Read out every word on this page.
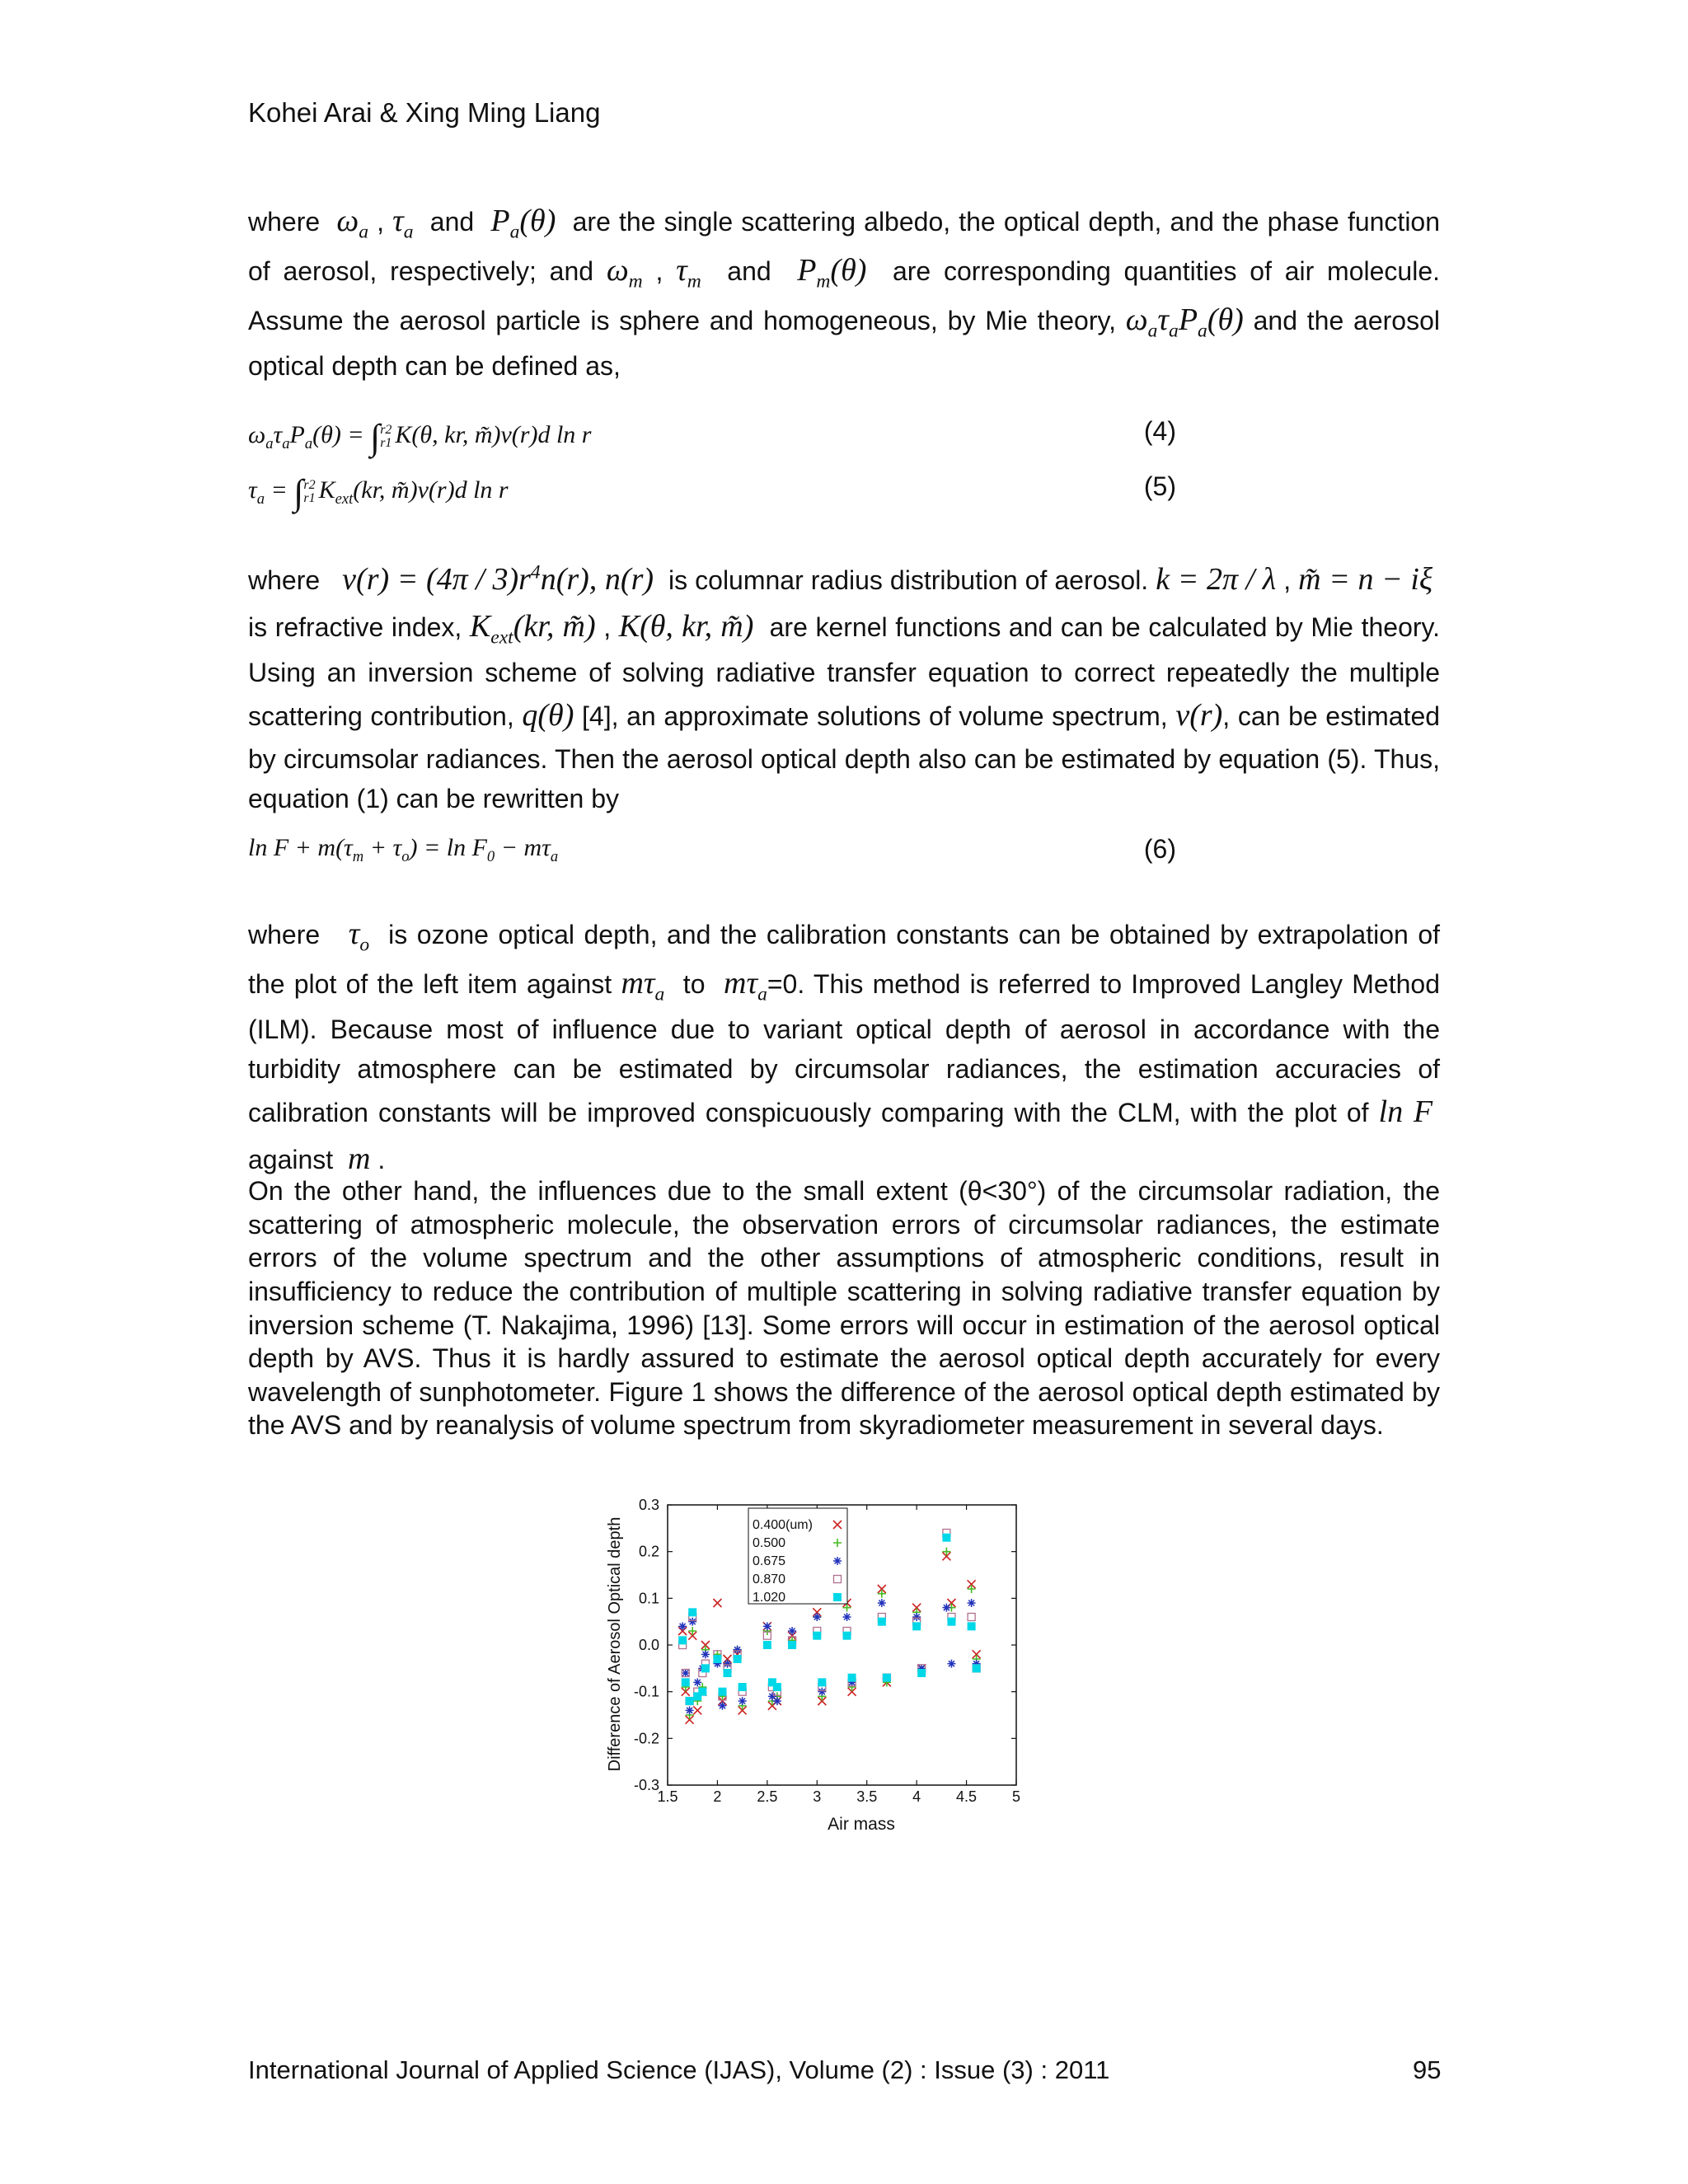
Kohei Arai & Xing Ming Liang
where $\omega_a$ , $\tau_a$ and $P_a(\theta)$ are the single scattering albedo, the optical depth, and the phase function of aerosol, respectively; and $\omega_m$ , $\tau_m$ and $P_m(\theta)$ are corresponding quantities of air molecule. Assume the aerosol particle is sphere and homogeneous, by Mie theory, $\omega_a\tau_aP_a(\theta)$ and the aerosol optical depth can be defined as,
$\omega_a\tau_aP_a(\theta) = \int r2$
r1 K(θ, kr, m̃)v(r)d ln r	(4)
$\tau_a = \int r2$
r1 $K_{ext}(kr$, m̃)v(r)d ln r	(5)
where $v(r) = (4\pi / 3)r^4n(r)$, n(r) is columnar radius distribution of aerosol. k = 2π / λ , m̃ = n − iξ  is refractive index, $K_{ext}(kr$, m̃) , K(θ, kr, m̃) are kernel functions and can be calculated by Mie theory. Using an inversion scheme of solving radiative transfer equation to correct repeatedly the multiple scattering contribution, q(θ) [4], an approximate solutions of volume spectrum, v(r), can be estimated by circumsolar radiances. Then the aerosol optical depth also can be estimated by equation (5). Thus, equation (1) can be rewritten by
$\ln F + m(\tau_m + \tau_o) = \ln F_0 - m\tau_a$	(6)
where $\tau_o$ is ozone optical depth, and the calibration constants can be obtained by extrapolation of the plot of the left item against $m\tau_a$ to $m\tau_a=0$. This method is referred to Improved Langley Method (ILM). Because most of influence due to variant optical depth of aerosol in accordance with the turbidity atmosphere can be estimated by circumsolar radiances, the estimation accuracies of calibration constants will be improved conspicuously comparing with the CLM, with the plot of ln F  against m .
On the other hand, the influences due to the small extent (θ<30°) of the circumsolar radiation, the scattering of atmospheric molecule, the observation errors of circumsolar radiances, the estimate errors of the volume spectrum and the other assumptions of atmospheric conditions, result in insufficiency to reduce the contribution of multiple scattering in solving radiative transfer equation by inversion scheme (T. Nakajima, 1996) [13]. Some errors will occur in estimation of the aerosol optical depth by AVS. Thus it is hardly assured to estimate the aerosol optical depth accurately for every wavelength of sunphotometer. Figure 1 shows the difference of the aerosol optical depth estimated by the AVS and by reanalysis of volume spectrum from skyradiometer measurement in several days.
1.5 2 2.5 3 3.5 4 4.5 5
0.3
0.2
0.1
0.0
-0.1
-0.2
-0.3
0.400(um)
0.500
0.675
0.870
1.020
Air mass
Difference of Aerosol Optical depth
International Journal of Applied Science (IJAS), Volume (2) : Issue (3) : 2011	95
